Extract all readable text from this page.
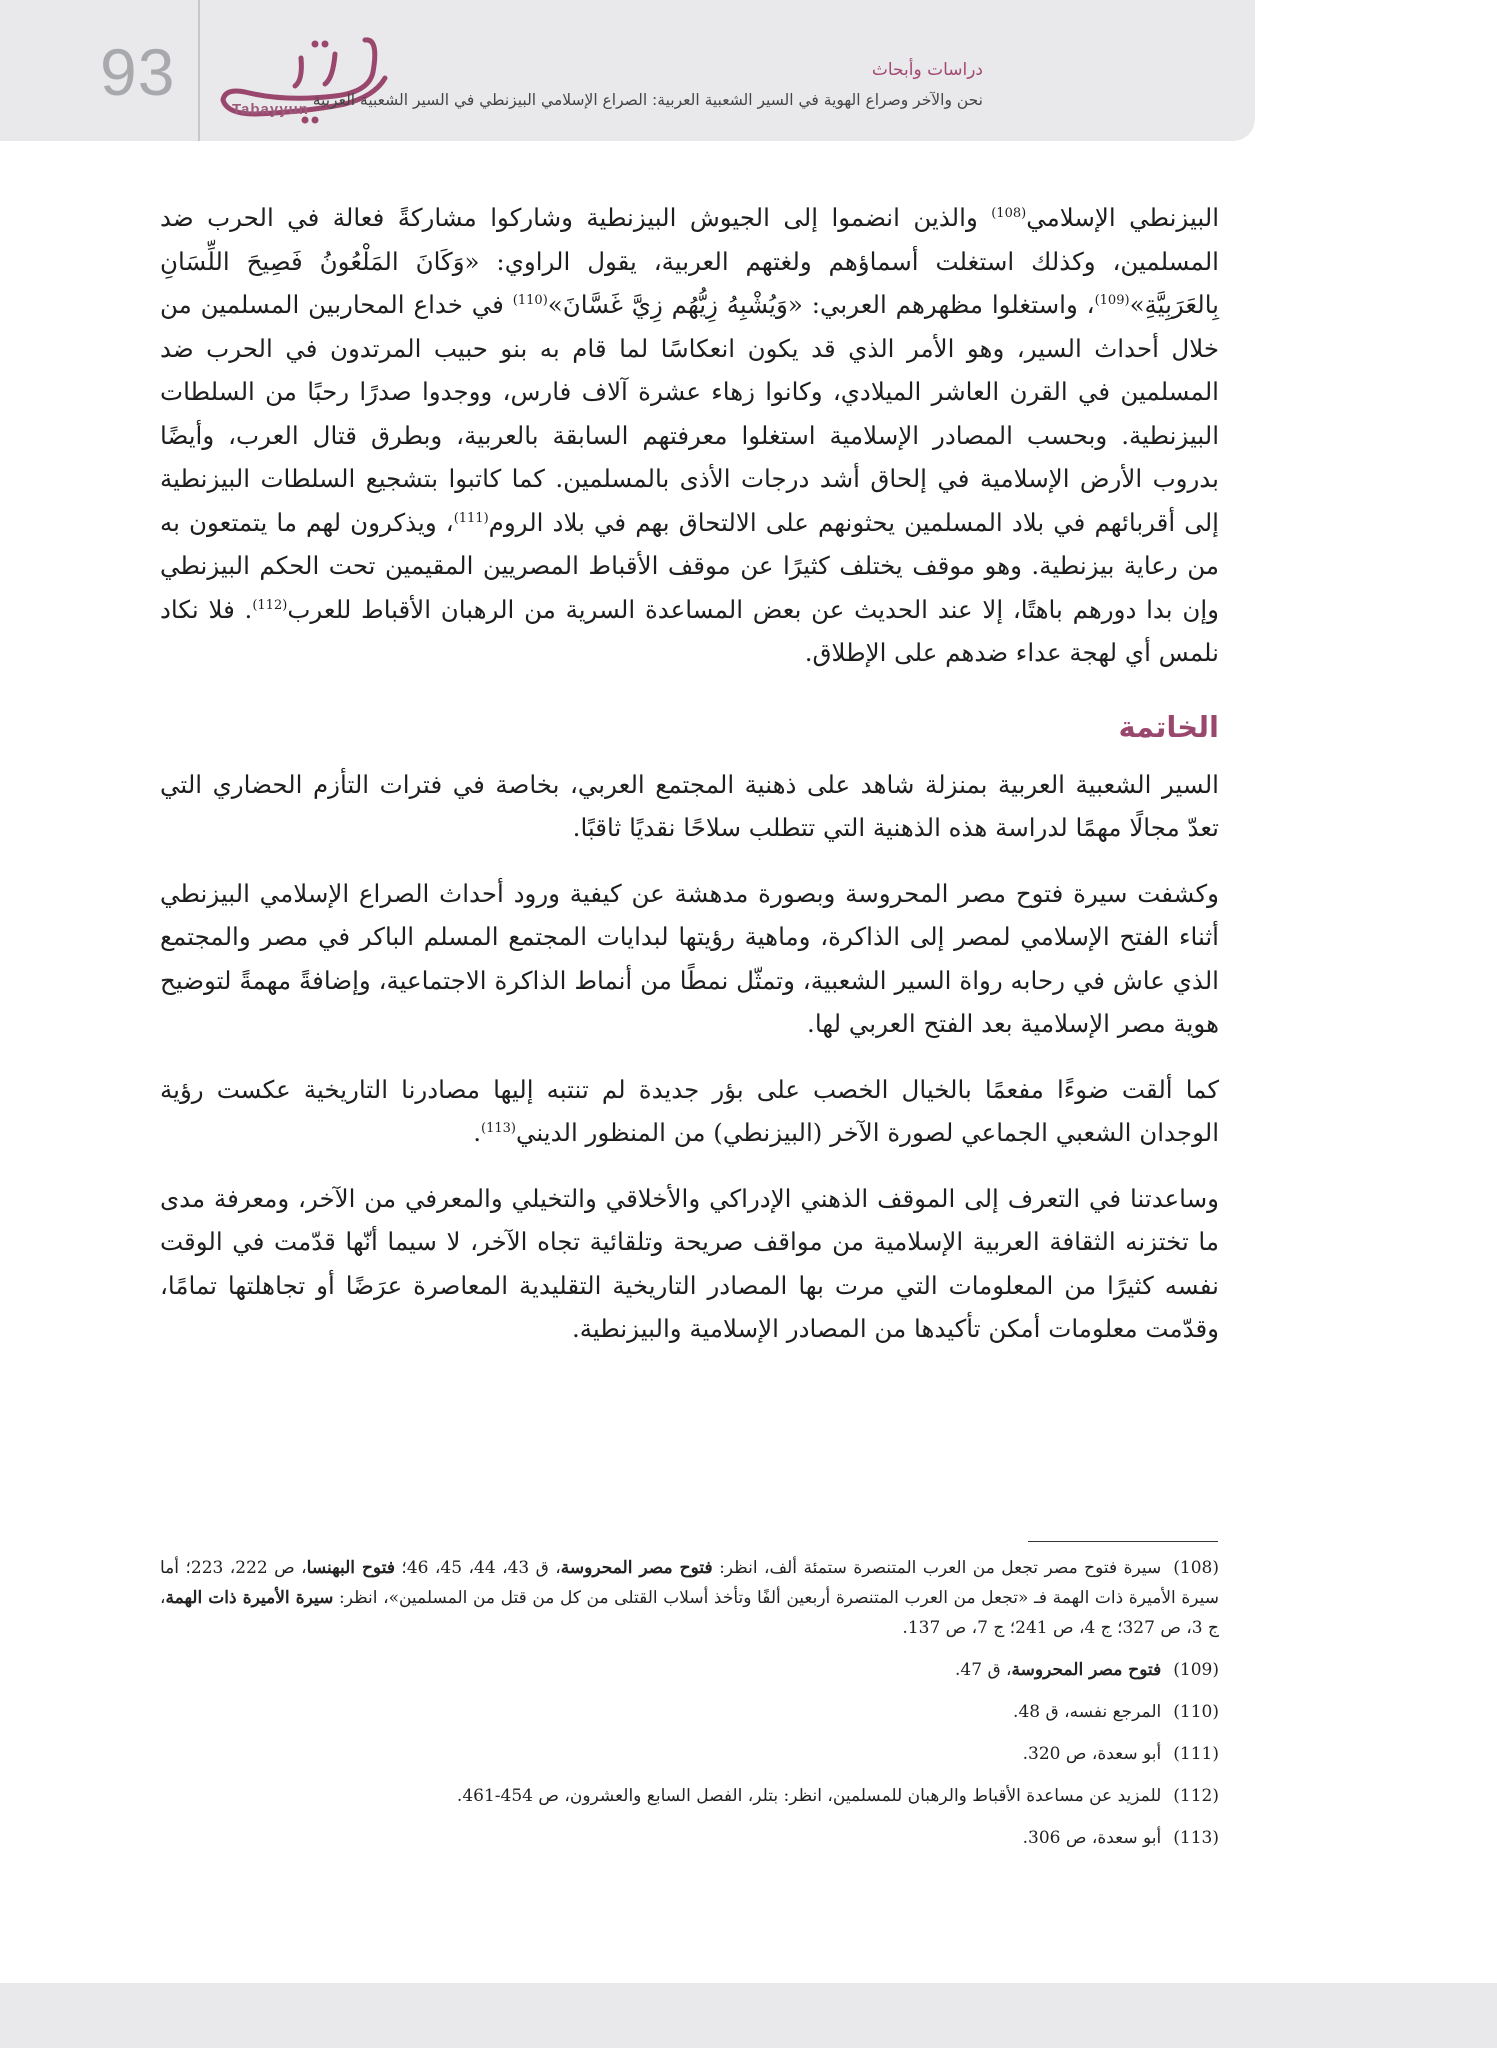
93
Tabayyun
دراسات وأبحاث
نحن والآخر وصراع الهوية في السير الشعبية العربية: الصراع الإسلامي البيزنطي في السير الشعبية العربية

البيزنطي الإسلامي$^{(108)}$ والذين انضموا إلى الجيوش البيزنطية وشاركوا مشاركةً فعالة في الحرب ضد المسلمين، وكذلك استغلت أسماؤهم ولغتهم العربية، يقول الراوي: «وَكَانَ المَلْعُونُ فَصِيحَ اللِّسَانِ بِالعَرَبِيَّةِ»$^{(109)}$، واستغلوا مظهرهم العربي: «وَيُشْبِهُ زِيُّهُم زِيَّ غَسَّانَ»$^{(110)}$ في خداع المحاربين المسلمين من خلال أحداث السير، وهو الأمر الذي قد يكون انعكاسًا لما قام به بنو حبيب المرتدون في الحرب ضد المسلمين في القرن العاشر الميلادي، وكانوا زهاء عشرة آلاف فارس، ووجدوا صدرًا رحبًا من السلطات البيزنطية. وبحسب المصادر الإسلامية استغلوا معرفتهم السابقة بالعربية، وبطرق قتال العرب، وأيضًا بدروب الأرض الإسلامية في إلحاق أشد درجات الأذى بالمسلمين. كما كاتبوا بتشجيع السلطات البيزنطية إلى أقربائهم في بلاد المسلمين يحثونهم على الالتحاق بهم في بلاد الروم$^{(111)}$، ويذكرون لهم ما يتمتعون به من رعاية بيزنطية. وهو موقف يختلف كثيرًا عن موقف الأقباط المصريين المقيمين تحت الحكم البيزنطي وإن بدا دورهم باهتًا، إلا عند الحديث عن بعض المساعدة السرية من الرهبان الأقباط للعرب$^{(112)}$. فلا نكاد نلمس أي لهجة عداء ضدهم على الإطلاق.

الخاتمة

السير الشعبية العربية بمنزلة شاهد على ذهنية المجتمع العربي، بخاصة في فترات التأزم الحضاري التي تعدّ مجالًا مهمًا لدراسة هذه الذهنية التي تتطلب سلاحًا نقديًا ثاقبًا.

وكشفت سيرة فتوح مصر المحروسة وبصورة مدهشة عن كيفية ورود أحداث الصراع الإسلامي البيزنطي أثناء الفتح الإسلامي لمصر إلى الذاكرة، وماهية رؤيتها لبدايات المجتمع المسلم الباكر في مصر والمجتمع الذي عاش في رحابه رواة السير الشعبية، وتمثّل نمطًا من أنماط الذاكرة الاجتماعية، وإضافةً مهمةً لتوضيح هوية مصر الإسلامية بعد الفتح العربي لها.

كما ألقت ضوءًا مفعمًا بالخيال الخصب على بؤر جديدة لم تنتبه إليها مصادرنا التاريخية عكست رؤية الوجدان الشعبي الجماعي لصورة الآخر (البيزنطي) من المنظور الديني$^{(113)}$.

وساعدتنا في التعرف إلى الموقف الذهني الإدراكي والأخلاقي والتخيلي والمعرفي من الآخر، ومعرفة مدى ما تختزنه الثقافة العربية الإسلامية من مواقف صريحة وتلقائية تجاه الآخر، لا سيما أنّها قدّمت في الوقت نفسه كثيرًا من المعلومات التي مرت بها المصادر التاريخية التقليدية المعاصرة عرَضًا أو تجاهلتها تمامًا، وقدّمت معلومات أمكن تأكيدها من المصادر الإسلامية والبيزنطية.

(108)سيرة فتوح مصر تجعل من العرب المتنصرة ستمئة ألف، انظر: فتوح مصر المحروسة، ق 43، 44، 45، 46؛ فتوح البهنسا، ص 222، 223؛ أما سيرة الأميرة ذات الهمة فـ «تجعل من العرب المتنصرة أربعين ألفًا وتأخذ أسلاب القتلى من كل من قتل من المسلمين»، انظر: سيرة الأميرة ذات الهمة، ج 3، ص 327؛ ج 4، ص 241؛ ج 7، ص 137.
(109)فتوح مصر المحروسة، ق 47.
(110)المرجع نفسه، ق 48.
(111)أبو سعدة، ص 320.
(112)للمزيد عن مساعدة الأقباط والرهبان للمسلمين، انظر: بتلر، الفصل السابع والعشرون، ص 454-461.
(113)أبو سعدة، ص 306.
